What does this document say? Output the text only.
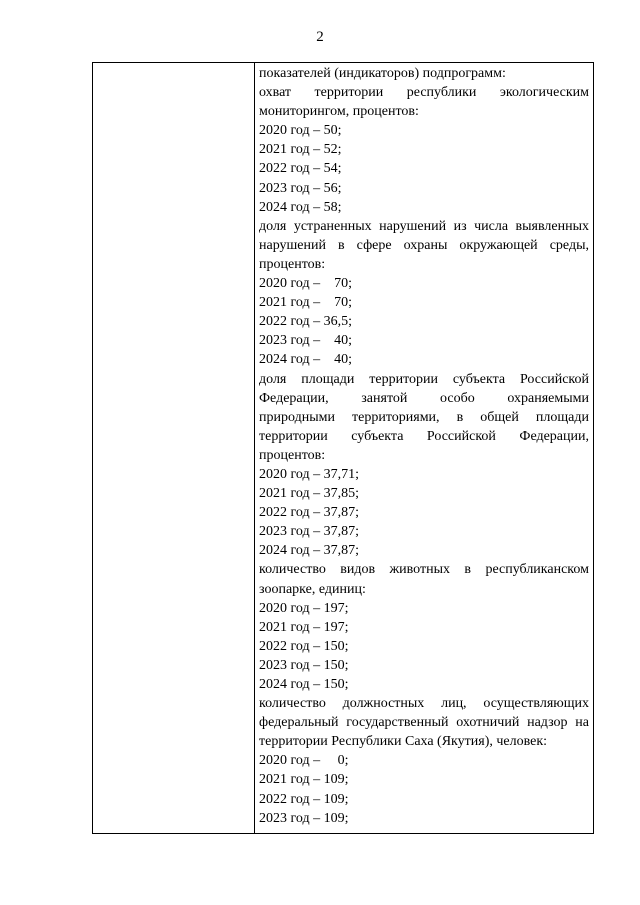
2
показателей (индикаторов) подпрограмм:
охват территории республики экологическим
мониторингом, процентов:
2020 год – 50;
2021 год – 52;
2022 год – 54;
2023 год – 56;
2024 год – 58;
доля устраненных нарушений из числа выявленных
нарушений в сфере охраны окружающей среды,
процентов:
2020 год –    70;
2021 год –    70;
2022 год – 36,5;
2023 год –    40;
2024 год –    40;
доля площади территории субъекта Российской
Федерации, занятой особо охраняемыми
природными территориями, в общей площади
территории субъекта Российской Федерации,
процентов:
2020 год – 37,71;
2021 год – 37,85;
2022 год – 37,87;
2023 год – 37,87;
2024 год – 37,87;
количество видов животных в республиканском
зоопарке, единиц:
2020 год – 197;
2021 год – 197;
2022 год – 150;
2023 год – 150;
2024 год – 150;
количество должностных лиц, осуществляющих
федеральный государственный охотничий надзор на
территории Республики Саха (Якутия), человек:
2020 год –     0;
2021 год – 109;
2022 год – 109;
2023 год – 109;
